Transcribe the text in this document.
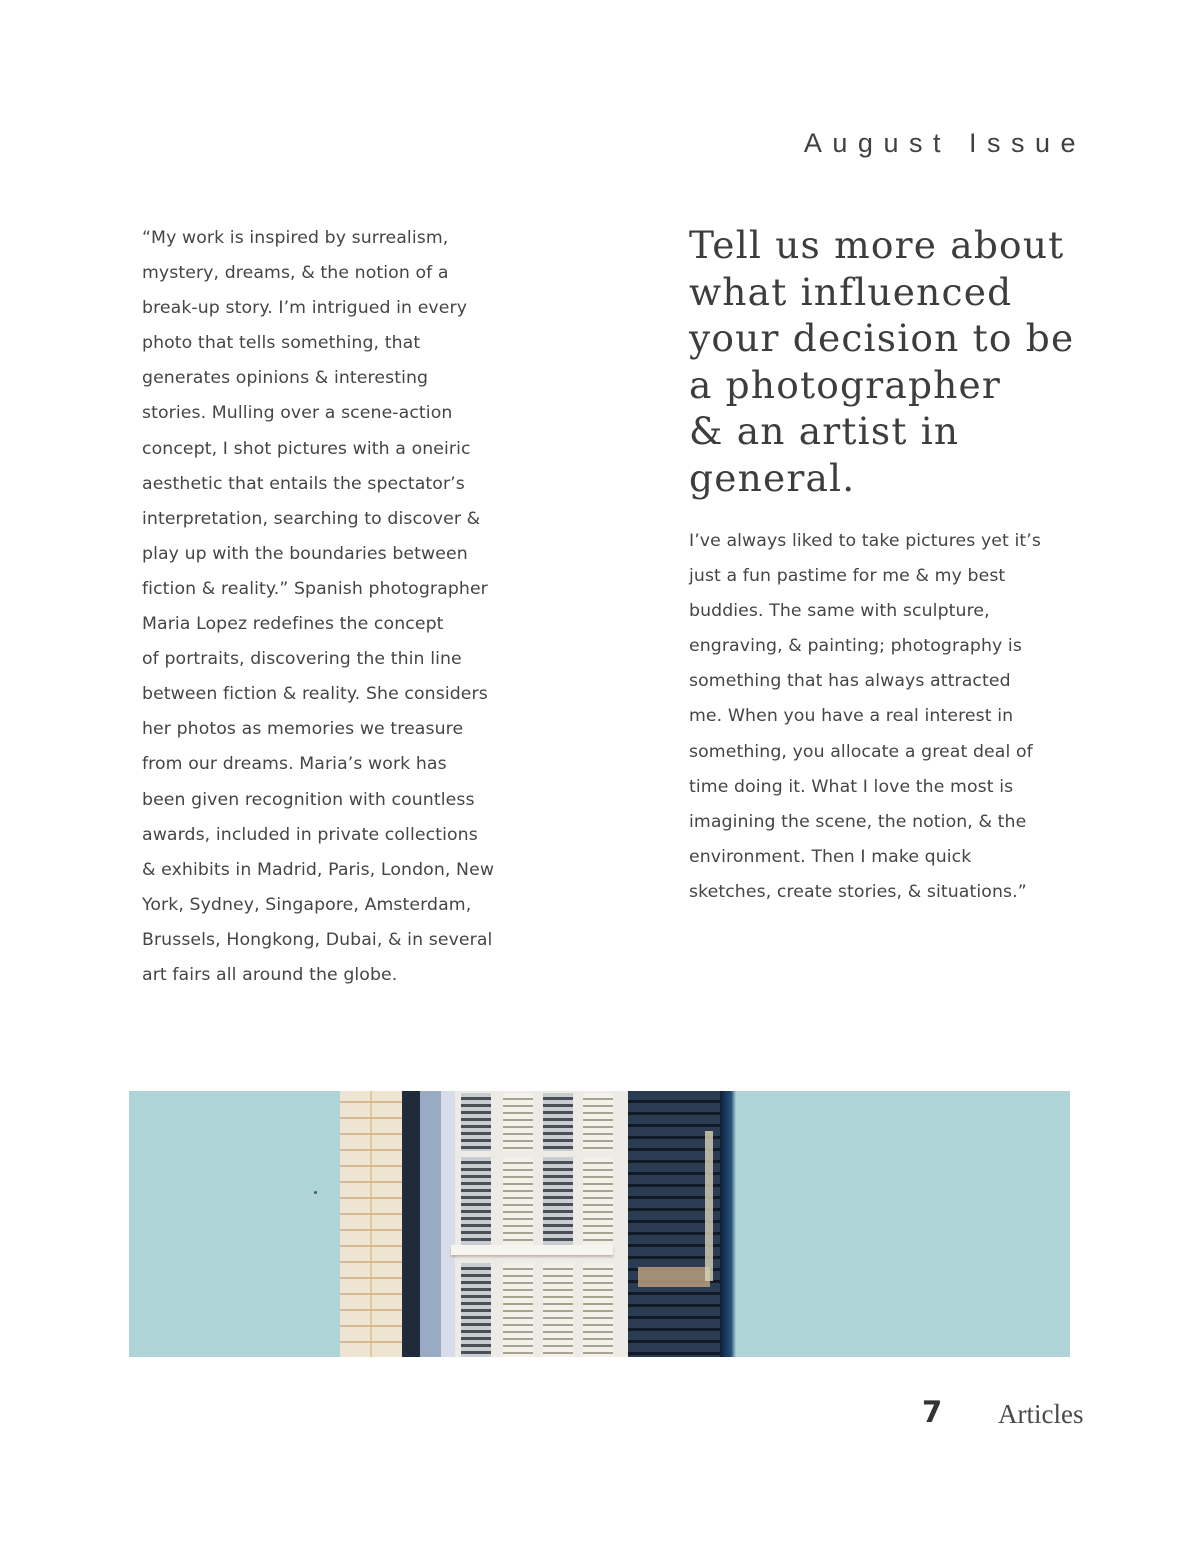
August Issue
“My work is inspired by surrealism,
mystery, dreams, & the notion of a
break-up story. I’m intrigued in every
photo that tells something, that
generates opinions & interesting
stories. Mulling over a scene-action
concept, I shot pictures with a oneiric
aesthetic that entails the spectator’s
interpretation, searching to discover &
play up with the boundaries between
fiction & reality.” Spanish photographer
Maria Lopez redefines the concept
of portraits, discovering the thin line
between fiction & reality. She considers
her photos as memories we treasure
from our dreams. Maria’s work has
been given recognition with countless
awards, included in private collections
& exhibits in Madrid, Paris, London, New
York, Sydney, Singapore, Amsterdam,
Brussels, Hongkong, Dubai, & in several
art fairs all around the globe.
Tell us more about
what influenced
your decision to be
a photographer
& an artist in
general.
I’ve always liked to take pictures yet it’s
just a fun pastime for me & my best
buddies. The same with sculpture,
engraving, & painting; photography is
something that has always attracted
me. When you have a real interest in
something, you allocate a great deal of
time doing it. What I love the most is
imagining the scene, the notion, & the
environment. Then I make quick
sketches, create stories, & situations.”
7 Articles
